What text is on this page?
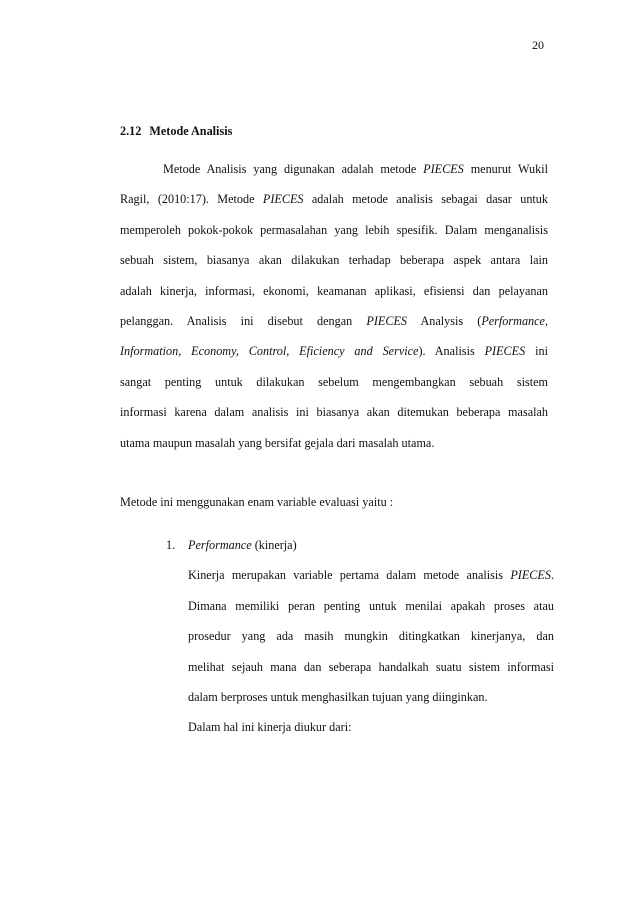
20
2.12 Metode Analisis
Metode Analisis yang digunakan adalah metode PIECES menurut Wukil
Ragil, (2010:17). Metode PIECES adalah metode analisis sebagai dasar untuk
memperoleh pokok-pokok permasalahan yang lebih spesifik. Dalam menganalisis
sebuah sistem, biasanya akan dilakukan terhadap beberapa aspek antara lain
adalah kinerja, informasi, ekonomi, keamanan aplikasi, efisiensi dan pelayanan
pelanggan. Analisis ini disebut dengan PIECES Analysis (Performance,
Information, Economy, Control, Eficiency and Service). Analisis PIECES ini
sangat penting untuk dilakukan sebelum mengembangkan sebuah sistem
informasi karena dalam analisis ini biasanya akan ditemukan beberapa masalah
utama maupun masalah yang bersifat gejala dari masalah utama.
Metode ini menggunakan enam variable evaluasi yaitu :
1. Performance (kinerja)
Kinerja merupakan variable pertama dalam metode analisis PIECES.
Dimana memiliki peran penting untuk menilai apakah proses atau
prosedur yang ada masih mungkin ditingkatkan kinerjanya, dan
melihat sejauh mana dan seberapa handalkah suatu sistem informasi
dalam berproses untuk menghasilkan tujuan yang diinginkan.
Dalam hal ini kinerja diukur dari:
